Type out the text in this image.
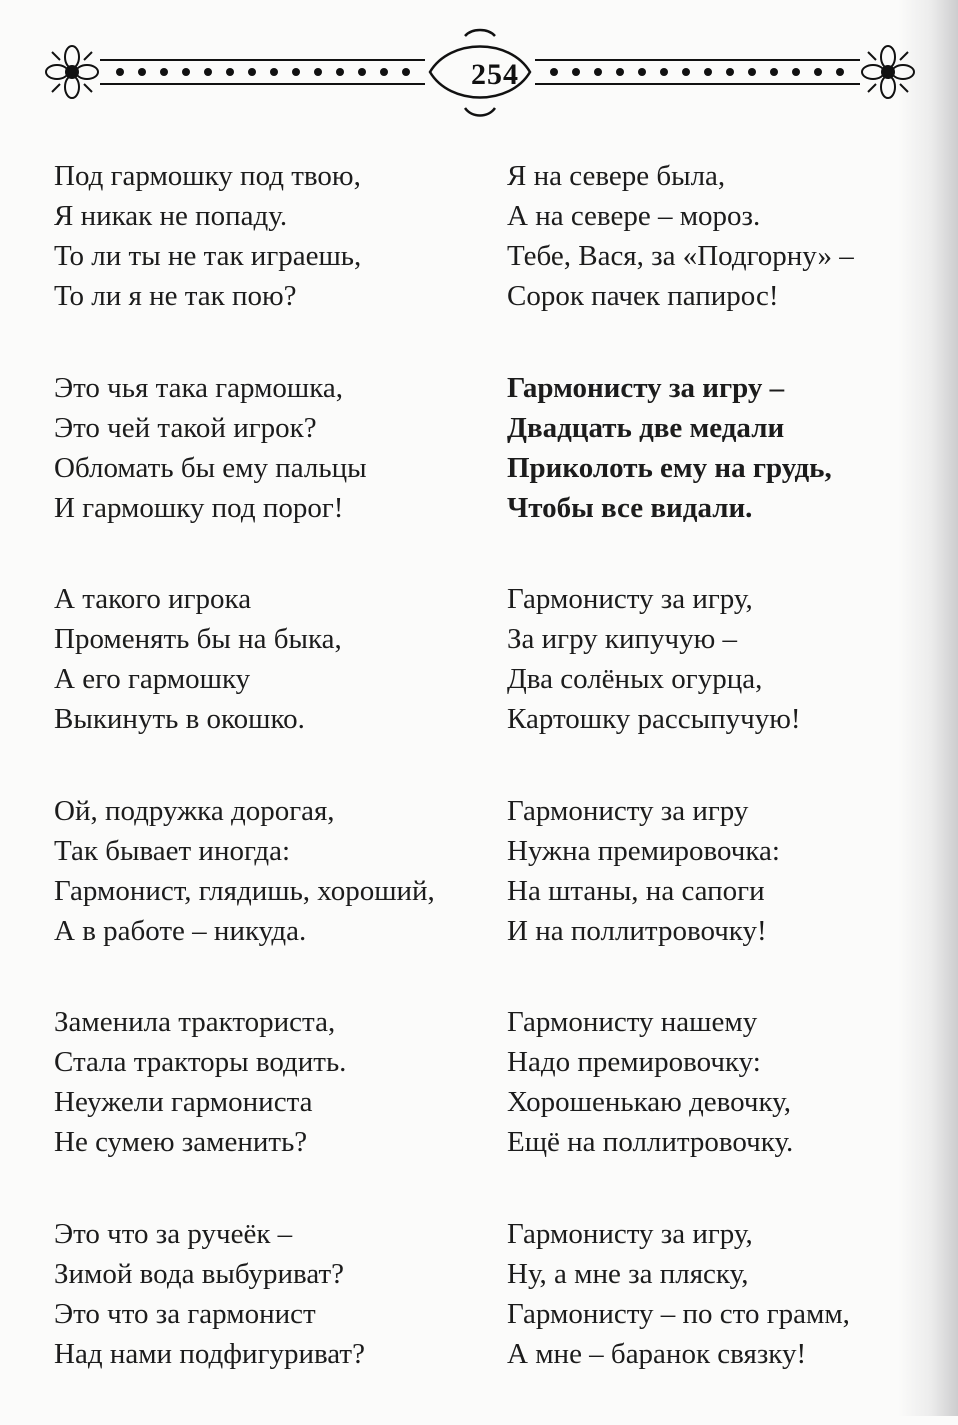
254
Под гармошку под твою,
Я никак не попаду.
То ли ты не так играешь,
То ли я не так пою?
Это чья така гармошка,
Это чей такой игрок?
Обломать бы ему пальцы
И гармошку под порог!
А такого игрока
Променять бы на быка,
А его гармошку
Выкинуть в окошко.
Ой, подружка дорогая,
Так бывает иногда:
Гармонист, глядишь, хороший,
А в работе – никуда.
Заменила тракториста,
Стала тракторы водить.
Неужели гармониста
Не сумею заменить?
Это что за ручеёк –
Зимой вода выбуриват?
Это что за гармонист
Над нами подфигуриват?
Я на севере была,
А на севере – мороз.
Тебе, Вася, за «Подгорну» –
Сорок пачек папирос!
Гармонисту за игру –
Двадцать две медали
Приколоть ему на грудь,
Чтобы все видали.
Гармонисту за игру,
За игру кипучую –
Два солёных огурца,
Картошку рассыпучую!
Гармонисту за игру
Нужна премировочка:
На штаны, на сапоги
И на поллитровочку!
Гармонисту нашему
Надо премировочку:
Хорошенькаю девочку,
Ещё на поллитровочку.
Гармонисту за игру,
Ну, а мне за пляску,
Гармонисту – по сто грамм,
А мне – баранок связку!
